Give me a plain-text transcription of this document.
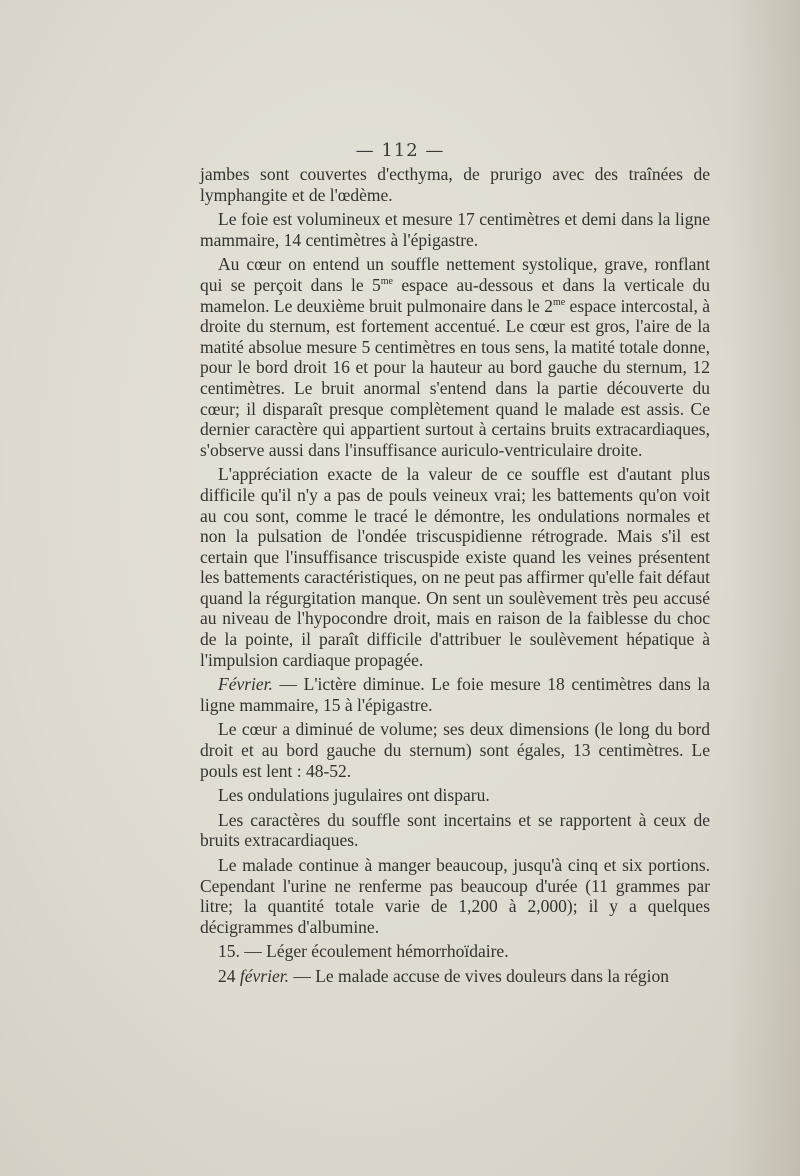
— 112 —

jambes sont couvertes d'ecthyma, de prurigo avec des traînées de lymphangite et de l'œdème.

Le foie est volumineux et mesure 17 centimètres et demi dans la ligne mammaire, 14 centimètres à l'épigastre.

Au cœur on entend un souffle nettement systolique, grave, ronflant qui se perçoit dans le $5^{me}$ espace au-dessous et dans la verticale du mamelon. Le deuxième bruit pulmonaire dans le $2^{me}$ espace intercostal, à droite du sternum, est fortement accentué. Le cœur est gros, l'aire de la matité absolue mesure 5 centimètres en tous sens, la matité totale donne, pour le bord droit 16 et pour la hauteur au bord gauche du sternum, 12 centimètres. Le bruit anormal s'entend dans la partie découverte du cœur; il disparaît presque complètement quand le malade est assis. Ce dernier caractère qui appartient surtout à certains bruits extracardiaques, s'observe aussi dans l'insuffisance auriculo-ventriculaire droite.

L'appréciation exacte de la valeur de ce souffle est d'autant plus difficile qu'il n'y a pas de pouls veineux vrai; les battements qu'on voit au cou sont, comme le tracé le démontre, les ondulations normales et non la pulsation de l'ondée triscuspidienne rétrograde. Mais s'il est certain que l'insuffisance triscuspide existe quand les veines présentent les battements caractéristiques, on ne peut pas affirmer qu'elle fait défaut quand la régurgitation manque. On sent un soulèvement très peu accusé au niveau de l'hypocondre droit, mais en raison de la faiblesse du choc de la pointe, il paraît difficile d'attribuer le soulèvement hépatique à l'impulsion cardiaque propagée.

Février. — L'ictère diminue. Le foie mesure 18 centimètres dans la ligne mammaire, 15 à l'épigastre.

Le cœur a diminué de volume; ses deux dimensions (le long du bord droit et au bord gauche du sternum) sont égales, 13 centimètres. Le pouls est lent : 48-52.

Les ondulations jugulaires ont disparu.

Les caractères du souffle sont incertains et se rapportent à ceux de bruits extracardiaques.

Le malade continue à manger beaucoup, jusqu'à cinq et six portions. Cependant l'urine ne renferme pas beaucoup d'urée (11 grammes par litre; la quantité totale varie de 1,200 à 2,000); il y a quelques décigrammes d'albumine.

15. — Léger écoulement hémorrhoïdaire.

24 février. — Le malade accuse de vives douleurs dans la région
